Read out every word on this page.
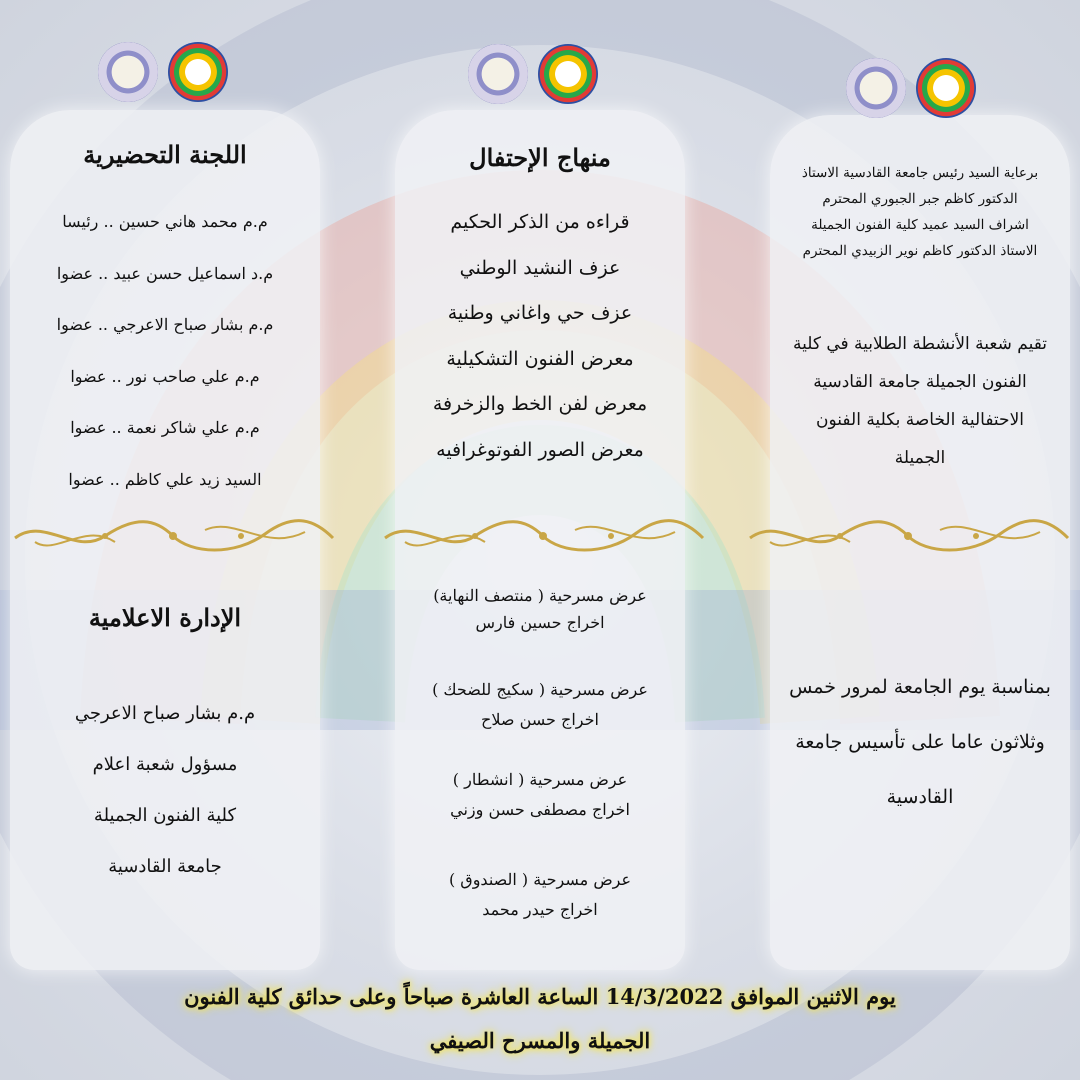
برعاية السيد رئيس جامعة القادسية الاستاذ
الدكتور كاظم جبر الجبوري المحترم
اشراف السيد عميد كلية الفنون الجميلة
الاستاذ الدكتور كاظم نوير الزبيدي المحترم
تقيم شعبة الأنشطة الطلابية في كلية
الفنون الجميلة جامعة القادسية
الاحتفالية الخاصة بكلية الفنون
الجميلة
بمناسبة يوم الجامعة لمرور خمس
وثلاثون عاما على تأسيس جامعة
القادسية
منهاج الإحتفال
قراءه من الذكر الحكيم
عزف النشيد الوطني
عزف حي واغاني وطنية
معرض الفنون التشكيلية
معرض لفن الخط والزخرفة
معرض الصور الفوتوغرافيه
عرض مسرحية ( منتصف النهاية)
اخراج حسين فارس
عرض مسرحية ( سكيج للضحك )
اخراج حسن صلاح
عرض مسرحية ( انشطار )
اخراج مصطفى حسن وزني
عرض مسرحية ( الصندوق )
اخراج حيدر محمد
اللجنة التحضيرية
م.م محمد هاني حسين .. رئيسا
م.د اسماعيل حسن عبيد .. عضوا
م.م بشار صباح الاعرجي .. عضوا
م.م علي صاحب نور .. عضوا
م.م علي شاكر نعمة .. عضوا
السيد زيد علي كاظم .. عضوا
الإدارة الاعلامية
م.م بشار صباح الاعرجي
مسؤول شعبة اعلام
كلية الفنون الجميلة
جامعة القادسية
يوم الاثنين الموافق 14/3/2022 الساعة العاشرة صباحاً وعلى حدائق كلية الفنون
الجميلة والمسرح الصيفي
